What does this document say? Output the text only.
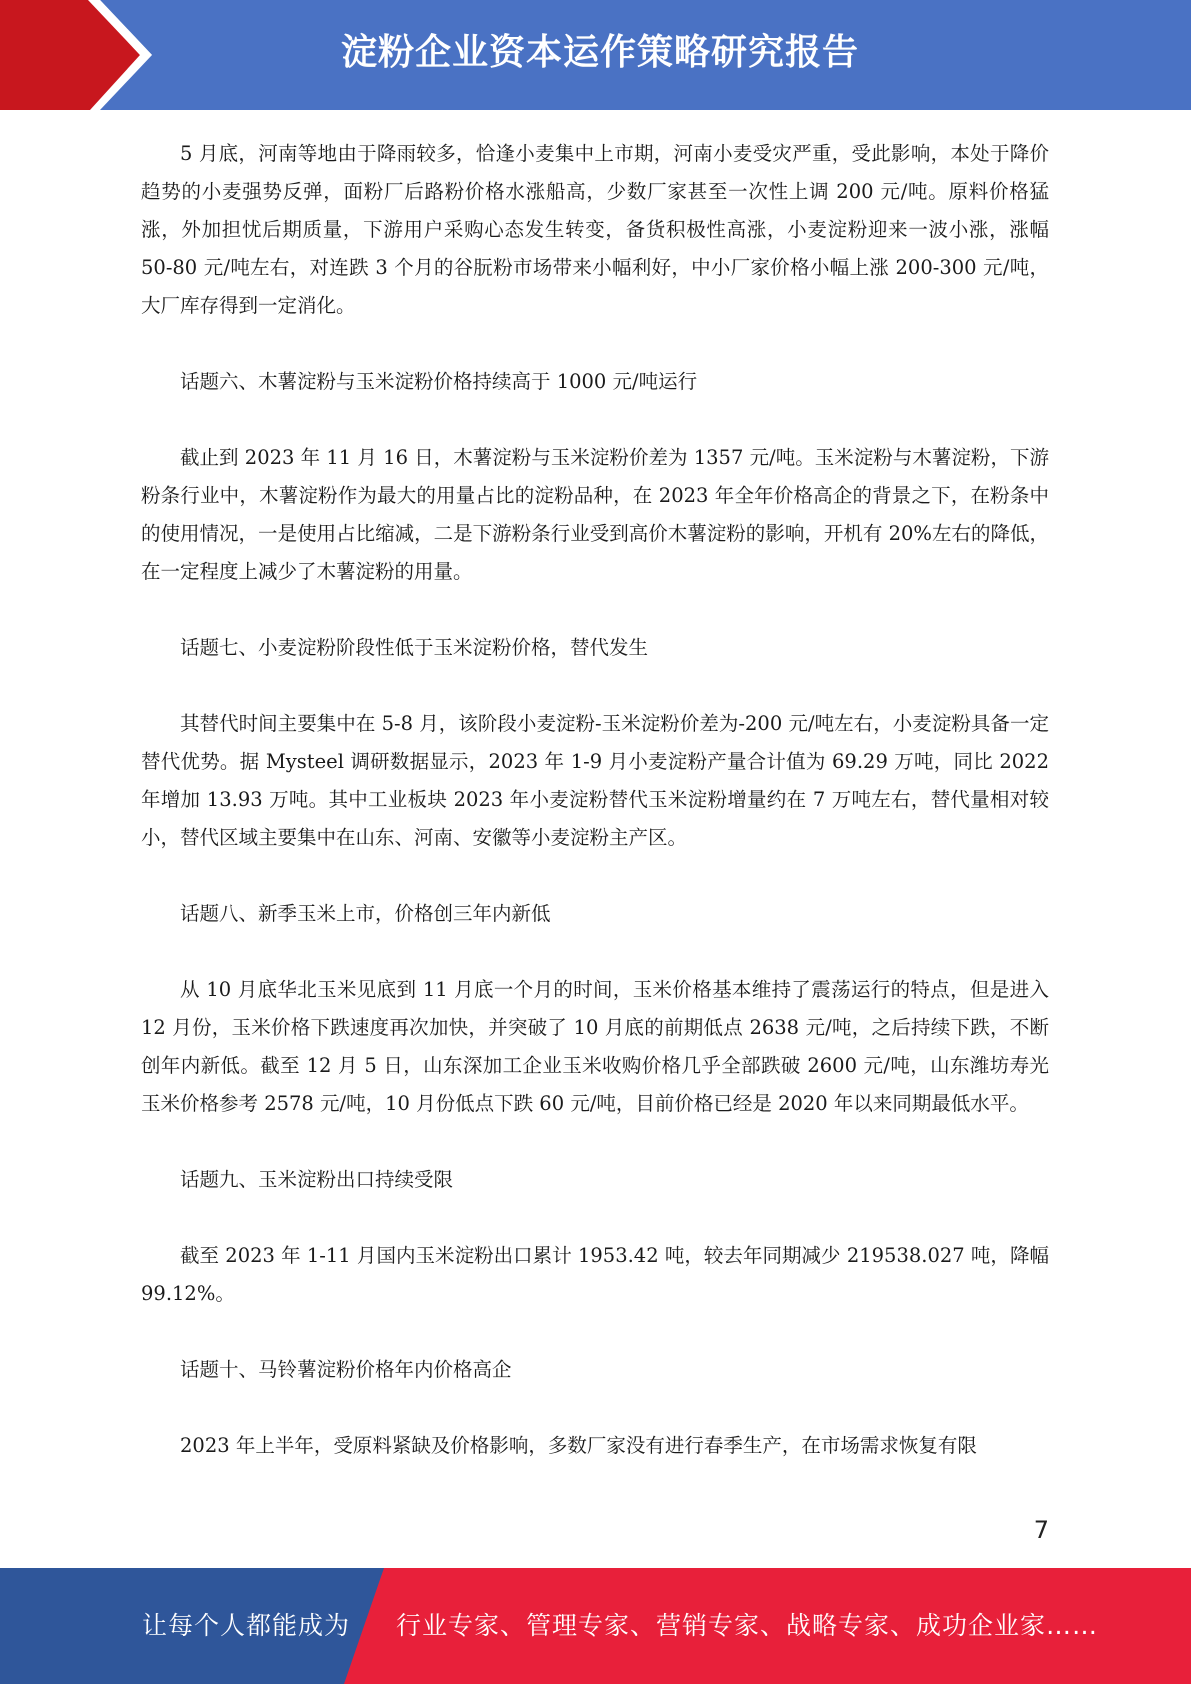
淀粉企业资本运作策略研究报告

5 月底，河南等地由于降雨较多，恰逢小麦集中上市期，河南小麦受灾严重，受此影响，本处于降价趋势的小麦强势反弹，面粉厂后路粉价格水涨船高，少数厂家甚至一次性上调 200 元/吨。原料价格猛涨，外加担忧后期质量，下游用户采购心态发生转变，备货积极性高涨，小麦淀粉迎来一波小涨，涨幅 50-80 元/吨左右，对连跌 3 个月的谷朊粉市场带来小幅利好，中小厂家价格小幅上涨 200-300 元/吨，大厂库存得到一定消化。

话题六、木薯淀粉与玉米淀粉价格持续高于 1000 元/吨运行

截止到 2023 年 11 月 16 日，木薯淀粉与玉米淀粉价差为 1357 元/吨。玉米淀粉与木薯淀粉，下游粉条行业中，木薯淀粉作为最大的用量占比的淀粉品种，在 2023 年全年价格高企的背景之下，在粉条中的使用情况，一是使用占比缩减，二是下游粉条行业受到高价木薯淀粉的影响，开机有 20%左右的降低，在一定程度上减少了木薯淀粉的用量。

话题七、小麦淀粉阶段性低于玉米淀粉价格，替代发生

其替代时间主要集中在 5-8 月，该阶段小麦淀粉-玉米淀粉价差为-200 元/吨左右，小麦淀粉具备一定替代优势。据 Mysteel 调研数据显示，2023 年 1-9 月小麦淀粉产量合计值为 69.29 万吨，同比 2022 年增加 13.93 万吨。其中工业板块 2023 年小麦淀粉替代玉米淀粉增量约在 7 万吨左右，替代量相对较小，替代区域主要集中在山东、河南、安徽等小麦淀粉主产区。

话题八、新季玉米上市，价格创三年内新低

从 10 月底华北玉米见底到 11 月底一个月的时间，玉米价格基本维持了震荡运行的特点，但是进入 12 月份，玉米价格下跌速度再次加快，并突破了 10 月底的前期低点 2638 元/吨，之后持续下跌，不断创年内新低。截至 12 月 5 日，山东深加工企业玉米收购价格几乎全部跌破 2600 元/吨，山东潍坊寿光玉米价格参考 2578 元/吨，10 月份低点下跌 60 元/吨，目前价格已经是 2020 年以来同期最低水平。

话题九、玉米淀粉出口持续受限

截至 2023 年 1-11 月国内玉米淀粉出口累计 1953.42 吨，较去年同期减少 219538.027 吨，降幅 99.12%。

话题十、马铃薯淀粉价格年内价格高企

2023 年上半年，受原料紧缺及价格影响，多数厂家没有进行春季生产，在市场需求恢复有限

7
让每个人都能成为 行业专家、管理专家、营销专家、战略专家、成功企业家……
